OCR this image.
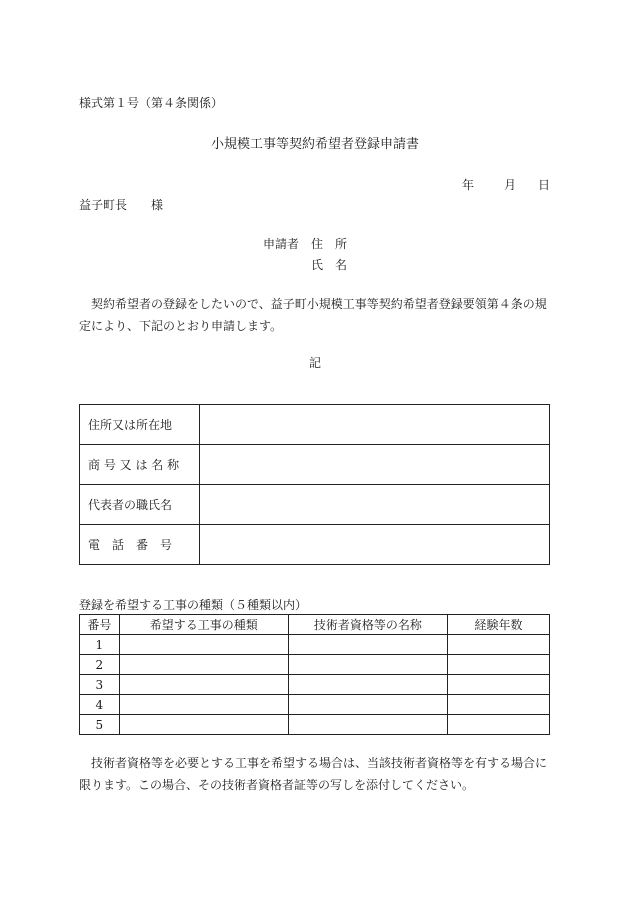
様式第１号（第４条関係）
小規模工事等契約希望者登録申請書
年	月 日
益子町長　　様
申請者　住　所
氏　名
契約希望者の登録をしたいので、益子町小規模工事等契約希望者登録要領第４条の規定により、下記のとおり申請します。
記
住所又は所在地	
商 号 又 は 名 称	
代表者の職氏名	
電　話　番　号	
登録を希望する工事の種類（５種類以内）
番号	希望する工事の種類	技術者資格等の名称	経験年数
1			
2			
3			
4			
5			
技術者資格等を必要とする工事を希望する場合は、当該技術者資格等を有する場合に限ります。この場合、その技術者資格者証等の写しを添付してください。
